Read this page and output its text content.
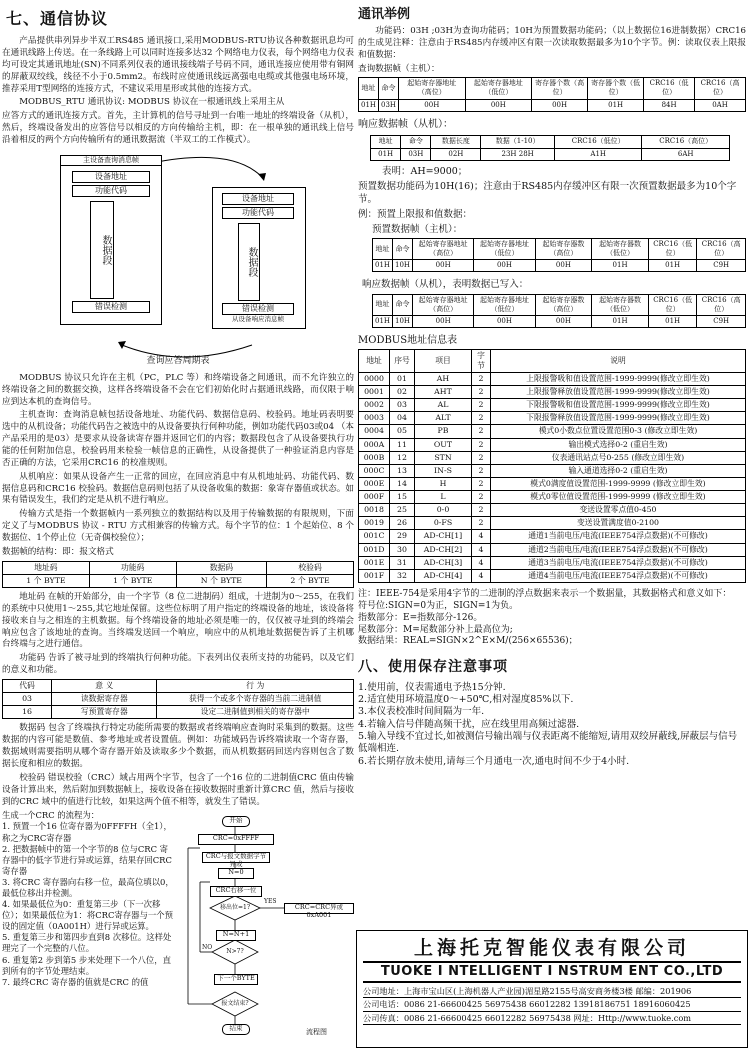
七、通信协议

产品提供串列异步半双工RS485 通讯接口,采用MODBUS-RTU协议各种数据讯息均可在通讯线路上传送。在一条线路上可以同时连接多达32 个网络电力仪表，每个网络电力仪表均可设定其通讯地址(SN)不同系列仪表的通讯接线端子号码不同，通讯连接应使用带有铜网的屏蔽双绞线，线径不小于0.5mm2。布线时应使通讯线远离强电电缆或其他强电场环境，推荐采用T型网络的连接方式，不建议采用星形或其他的连接方式。

MODBUS_RTU 通讯协议: MODBUS 协议在一根通讯线上采用主从

应答方式的通讯连接方式。首先，主计算机的信号寻址到一台唯一地址的终端设备（从机），然后，终端设备发出的应答信号以相反的方向传输给主机，即：在一根单独的通讯线上信号沿着相反的两个方向传输所有的通讯数据流（半双工的工作模式）。

主设备查询消息帧
设备地址
功能代码
数据段
错误检测
设备地址
功能代码
数据段
错误检测
从设备响应消息帧
查询应答周期表

MODBUS 协议只允许在主机（PC，PLC 等）和终端设备之间通讯，而不允许独立的终端设备之间的数据交换，这样各终端设备不会在它们初始化时占据通讯线路，而仅限于响应到达本机的查询信号。

主机查询：查询消息帧包括设备地址、功能代码、数据信息码、校验码。地址码表明要选中的从机设备；功能代码告之被选中的从设备要执行何种功能，例如功能代码03或04 （本产品采用的是03）是要求从设备读寄存器并返回它们的内容；数据段包含了从设备要执行功能的任何附加信息，校验码用来检验一帧信息的正确性，从设备提供了一种验证消息内容是否正确的方法，它采用CRC16 的校准规则。

从机响应：如果从设备产生一正常的回应，在回应消息中有从机地址码、功能代码、数据信息码和CRC16 校验码。数据信息码则包括了从设备收集的数据：象寄存器值或状态。如果有错误发生，我们约定是从机不进行响应。

传输方式是指一个数据帧内一系列独立的数据结构以及用于传输数据的有限规则，下面定义了与MODBUS 协议 - RTU 方式相兼容的传输方式。每个字节的位：1 个起始位、8 个数据位、1个停止位（无奇偶校验位）；

数据帧的结构：即：报文格式
地址码	功能码	数据码	校验码
1 个 BYTE	1 个 BYTE	N 个 BYTE	2 个 BYTE

地址码 在帧的开始部分，由一个字节（8 位二进制码）组成，十进制为0～255，在我们的系统中只使用1～255,其它地址保留。这些位标明了用户指定的终端设备的地址，该设备将接收来自与之相连的主机数据。每个终端设备的地址必须是唯一的，仅仅被寻址到的终端会响应包含了该地址的查询。当终端发送回一个响应，响应中的从机地址数据便告诉了主机哪台终端与之进行通信。

功能码 告诉了被寻址到的终端执行何种功能。下表列出仪表所支持的功能码，以及它们的意义和功能。

代码	意 义	行 为
03	读数据寄存器	获得一个或多个寄存器的当前二进制值
16	写预置寄存器	设定二进制值到相关的寄存器中

数据码 包含了终端执行特定功能所需要的数据或者终端响应查询时采集到的数据。这些数据的内容可能是数值、参考地址或者设置值。例如：功能域码告诉终端读取一个寄存器，数据域则需要指明从哪个寄存器开始及读取多少个数据，而从机数据码回送内容则包含了数据长度和相应的数据。

校验码 错误校验（CRC）域占用两个字节，包含了一个16 位的二进制值CRC 值由传输设备计算出来，然后附加到数据帧上，接收设备在接收数据时重新计算CRC 值，然后与接收到的CRC 域中的值进行比较，如果这两个值不相等，就发生了错误。

生成一个CRC 的流程为：
1. 预置一个16 位寄存器为0FFFFH（全1），称之为CRC寄存器
2. 把数据帧中的第一个字节的8 位与CRC 寄存器中的低字节进行异或运算，结果存回CRC寄存器
3. 将CRC 寄存器向右移一位，最高位填以0，最低位移出并检测。
4. 如果最低位为0：重复第三步（下一次移位）；如果最低位为1：将CRC寄存器与一个预设的固定值（0A001H）进行异或运算。
5. 重复第三步和第四步直到8 次移位。这样处理完了一个完整的八位。
6. 重复第2 步到第5 步来处理下一个八位，直到所有的字节处理结束。
7. 最终CRC 寄存器的值就是CRC 的值
开始
CRC=0xFFFF
CRC与报文数据字节异或
N=0
CRC右移一位
移出位=1?
YES
CRC=CRC异或0xA001
N=N+1
N>7?
NO
下一个BYTE
报文结束?
结束	流程图
通讯举例

功能码：03H ;03H为查询功能码；10H为预置数据功能码；（以上数据位16进制数据）CRC16的生成见注释：注意由于RS485内存缓冲区有限一次读取数据最多为10个字节。例：读取仪表上限报和值数据：

查询数据帧（主机）：
地址	命令	起始寄存器地址（高位）	起始寄存器地址（低位）	寄存器个数（高位）	寄存器个数（低位）	CRC16（低位）	CRC16（高位）
01H	03H	00H	00H	00H	01H	84H	0AH
响应数据帧（从机）：
地址	命令	数据长度	数据（1-10）	CRC16（低位）	CRC16（高位）
01H	03H	02H	23H 28H	A1H	6AH
表明：AH=9000；
预置数据功能码为10H(16)；注意由于RS485内存缓冲区有限一次预置数据最多为10个字节。
例：预置上限报和值数据：
预置数据帧（主机）：
地址	命令	起始寄存器地址（高位）	起始寄存器地址（低位）	起始寄存器数（高位）	起始寄存器数（低位）	CRC16（低位）	CRC16（高位）
01H	10H	00H	00H	00H	01H	01H	C9H
响应数据帧（从机），表明数据已写入：
地址	命令	起始寄存器地址（高位）	起始寄存器地址（低位）	起始寄存器数（高位）	起始寄存器数（低位）	CRC16（低位）	CRC16（高位）
01H	10H	00H	00H	00H	01H	01H	C9H
MODBUS地址信息表
地址	序号	项目	字节	说明
0000	01	AH	2	上限报警吸和值设置范围-1999-9999(修改立即生效)
0001	02	AHT	2	上限报警释放值设置范围-1999-9999(修改立即生效)
0002	03	AL	2	下限报警吸和值设置范围-1999-9999(修改立即生效)
0003	04	ALT	2	下限报警释放值设置范围-1999-9999(修改立即生效)
0004	05	PB	2	模式0小数点位置设置范围0-3 (修改立即生效)
000A	11	OUT	2	输出模式选择0-2 (重启生效)
000B	12	STN	2	仪表通讯站点号0-255 (修改立即生效)
000C	13	IN-S	2	输入通道选择0-2 (重启生效)
000E	14	H	2	模式0满度值设置范围-1999-9999 (修改立即生效)
000F	15	L	2	模式0零位值设置范围-1999-9999 (修改立即生效)
0018	25	0-0	2	变送设置零点值0-450
0019	26	0-FS	2	变送设置满度值0-2100
001C	29	AD-CH[1]	4	通道1当前电压/电流(IEEE754浮点数据)(不可修改)
001D	30	AD-CH[2]	4	通道2当前电压/电流(IEEE754浮点数据)(不可修改)
001E	31	AD-CH[3]	4	通道3当前电压/电流(IEEE754浮点数据)(不可修改)
001F	32	AD-CH[4]	4	通道4当前电压/电流(IEEE754浮点数据)(不可修改)
注：IEEE-754是采用4字节的二进制的浮点数据来表示一个数据量，其数据格式和意义如下：
符号位:SIGN=0为正，SIGN=1为负。
指数部分：E=指数部分-126。
尾数部分：M=尾数部分补上最高位为;
数据结果：REAL=SIGN×2^E×M/(256×65536)；
八、使用保存注意事项
1.使用前，仪表需通电予热15分钟.
2.适宜使用环境温度0～+50℃,相对湿度85%以下.
3.本仪表校准时间间隔为一年.
4.若输入信号伴随高频干扰，应在线里用高频过滤器.
5.输入导线不宜过长,如被测信号输出端与仪表距离不能缩短,请用双绞屏蔽线,屏蔽层与信号低端相连.
6.若长期存放未使用,请每三个月通电一次,通电时间不少于4小时.
上海托克智能仪表有限公司
TUOKE I NTELLIGENT I NSTRUM ENT CO.,LTD
公司地址：上海市宝山区(上海机器人产业园)湄星路2155号高安商务楼3楼 邮编：201906
公司电话：0086 21-66600425 56975438 66012282 13918186751 18916060425
公司传真：0086 21-66600425 66012282 56975438 网址：Http://www.tuoke.com
